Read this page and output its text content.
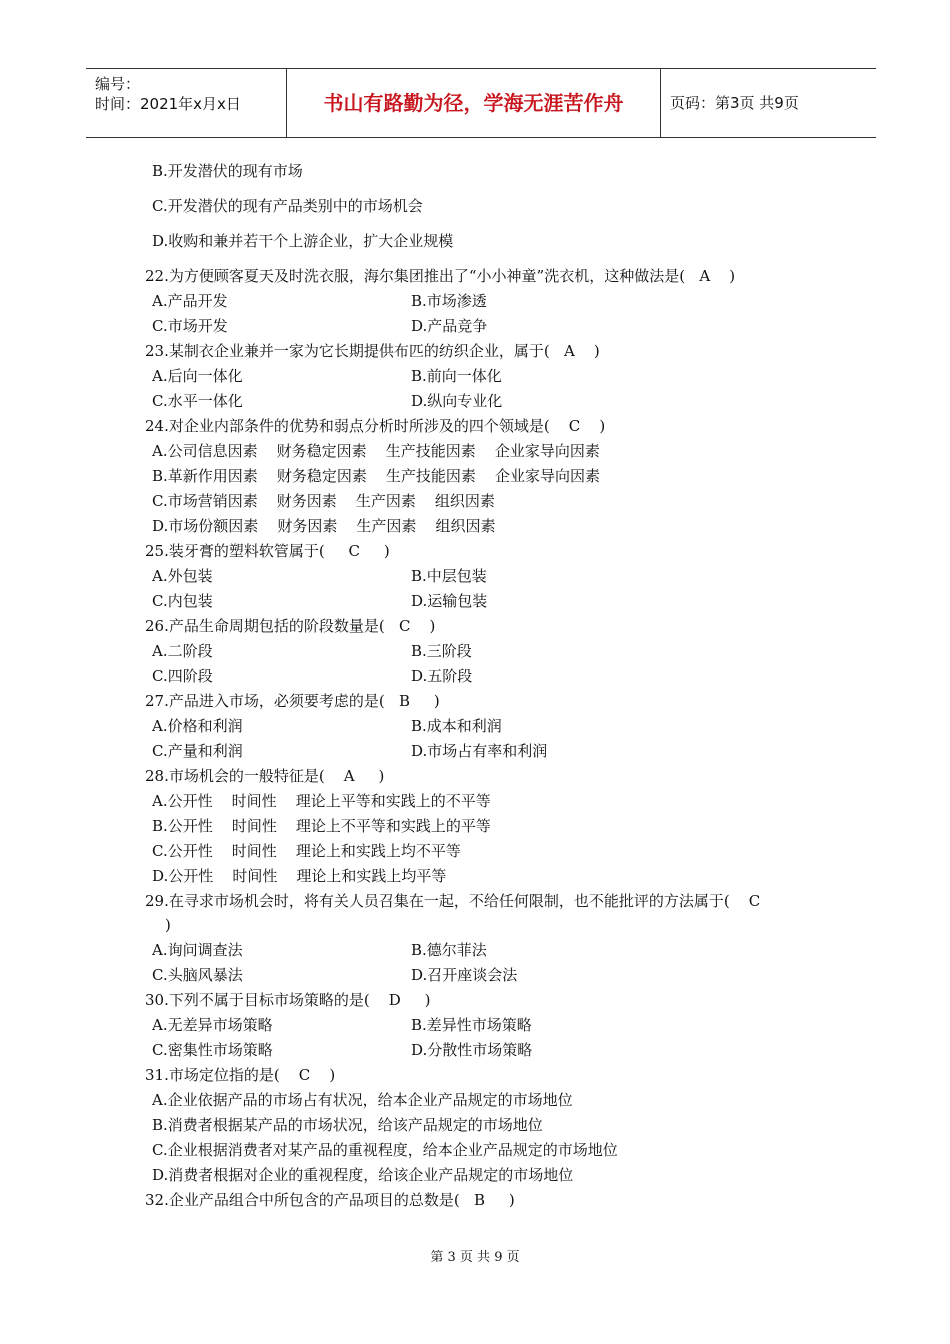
编号：
时间：2021年x月x日	书山有路勤为径，学海无涯苦作舟	页码：第3页 共9页
B.开发潜伏的现有市场
C.开发潜伏的现有产品类别中的市场机会
D.收购和兼并若干个上游企业，扩大企业规模
22.为方便顾客夏天及时洗衣服，海尔集团推出了“小小神童”洗衣机，这种做法是(   A    )
A.产品开发	B.市场渗透
C.市场开发	D.产品竞争
23.某制衣企业兼并一家为它长期提供布匹的纺织企业，属于(   A    )
A.后向一体化	B.前向一体化
C.水平一体化	D.纵向专业化
24.对企业内部条件的优势和弱点分析时所涉及的四个领域是(    C    )
A.公司信息因素    财务稳定因素    生产技能因素    企业家导向因素
B.革新作用因素    财务稳定因素    生产技能因素    企业家导向因素
C.市场营销因素    财务因素    生产因素    组织因素
D.市场份额因素    财务因素    生产因素    组织因素
25.装牙膏的塑料软管属于(     C     )
A.外包装	B.中层包装
C.内包装	D.运输包装
26.产品生命周期包括的阶段数量是(   C    )
A.二阶段	B.三阶段
C.四阶段	D.五阶段
27.产品进入市场，必须要考虑的是(   B     )
A.价格和利润	B.成本和利润
C.产量和利润	D.市场占有率和利润
28.市场机会的一般特征是(    A     )
A.公开性    时间性    理论上平等和实践上的不平等
B.公开性    时间性    理论上不平等和实践上的平等
C.公开性    时间性    理论上和实践上均不平等
D.公开性    时间性    理论上和实践上均平等
29.在寻求市场机会时，将有关人员召集在一起，不给任何限制，也不能批评的方法属于(    C
)
A.询问调查法	B.德尔菲法
C.头脑风暴法	D.召开座谈会法
30.下列不属于目标市场策略的是(    D     )
A.无差异市场策略	B.差异性市场策略
C.密集性市场策略	D.分散性市场策略
31.市场定位指的是(    C    )
A.企业依据产品的市场占有状况，给本企业产品规定的市场地位
B.消费者根据某产品的市场状况，给该产品规定的市场地位
C.企业根据消费者对某产品的重视程度，给本企业产品规定的市场地位
D.消费者根据对企业的重视程度，给该企业产品规定的市场地位
32.企业产品组合中所包含的产品项目的总数是(   B     )
第 3 页 共 9 页
